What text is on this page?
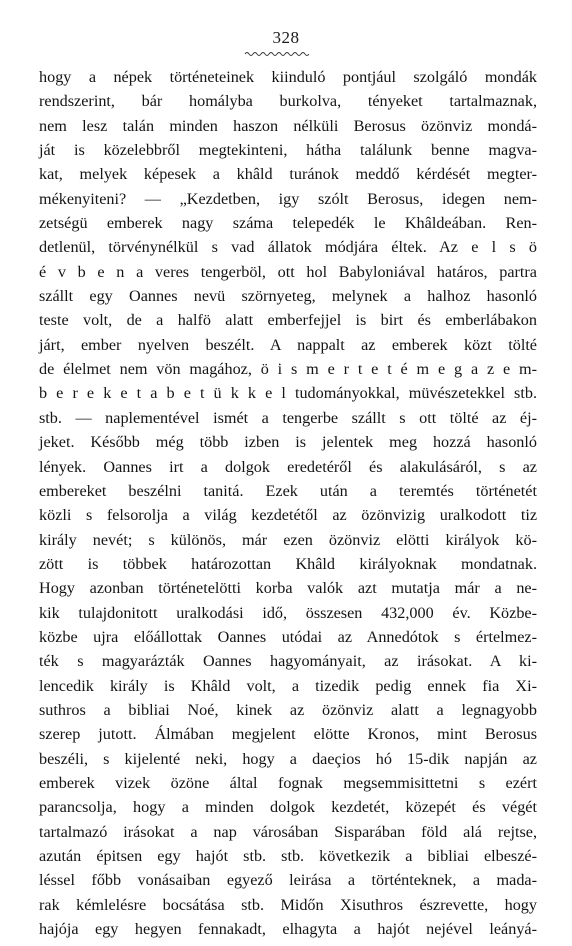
328
hogy a népek történeteinek kiinduló pontjául szolgáló mondák
rendszerint, bár homályba burkolva, tényeket tartalmaznak,
nem lesz talán minden haszon nélküli Berosus özönviz mondá-
ját is közelebbről megtekinteni, hátha találunk benne magva-
kat, melyek képesek a khâld turánok meddő kérdését megter-
mékenyiteni? — „Kezdetben, igy szólt Berosus, idegen nem-
zetségü emberek nagy száma telepedék le Khâldeában. Ren-
detlenül, törvénynélkül s vad állatok módjára éltek. Az e l s ö
é v b e n a veres tengerböl, ott hol Babyloniával határos, partra
szállt egy Oannes nevü szörnyeteg, melynek a halhoz hasonló
teste volt, de a halfö alatt emberfejjel is birt és emberlábakon
járt, ember nyelven beszélt. A nappalt az emberek közt tölté
de élelmet nem vön magához, ö i s m e r t e t é m e g a z e m-
b e r e k e t a b e t ü k k e l tudományokkal, müvészetekkel stb.
stb. — naplementével ismét a tengerbe szállt s ott tölté az éj-
jeket. Később még több izben is jelentek meg hozzá hasonló
lények. Oannes irt a dolgok eredetéről és alakulásáról, s az
embereket beszélni tanitá. Ezek után a teremtés történetét
közli s felsorolja a világ kezdetétől az özönvizig uralkodott tiz
király nevét; s különös, már ezen özönviz elötti királyok kö-
zött is többek határozottan Khâld királyoknak mondatnak.
Hogy azonban történetelötti korba valók azt mutatja már a ne-
kik tulajdonitott uralkodási idő, összesen 432,000 év. Közbe-
közbe ujra előállottak Oannes utódai az Annedótok s értelmez-
ték s magyarázták Oannes hagyományait, az irásokat. A ki-
lencedik király is Khâld volt, a tizedik pedig ennek fia Xi-
suthros a bibliai Noé, kinek az özönviz alatt a legnagyobb
szerep jutott. Álmában megjelent elötte Kronos, mint Berosus
beszéli, s kijelenté neki, hogy a daeçios hó 15-dik napján az
emberek vizek özöne által fognak megsemmisittetni s ezért
parancsolja, hogy a minden dolgok kezdetét, közepét és végét
tartalmazó irásokat a nap városában Sisparában föld alá rejtse,
azután épitsen egy hajót stb. stb. következik a bibliai elbeszé-
léssel főbb vonásaiban egyező leirása a történteknek, a mada-
rak kémlelésre bocsátása stb. Midőn Xisuthros észrevette, hogy
hajója egy hegyen fennakadt, elhagyta a hajót nejével leányá-
